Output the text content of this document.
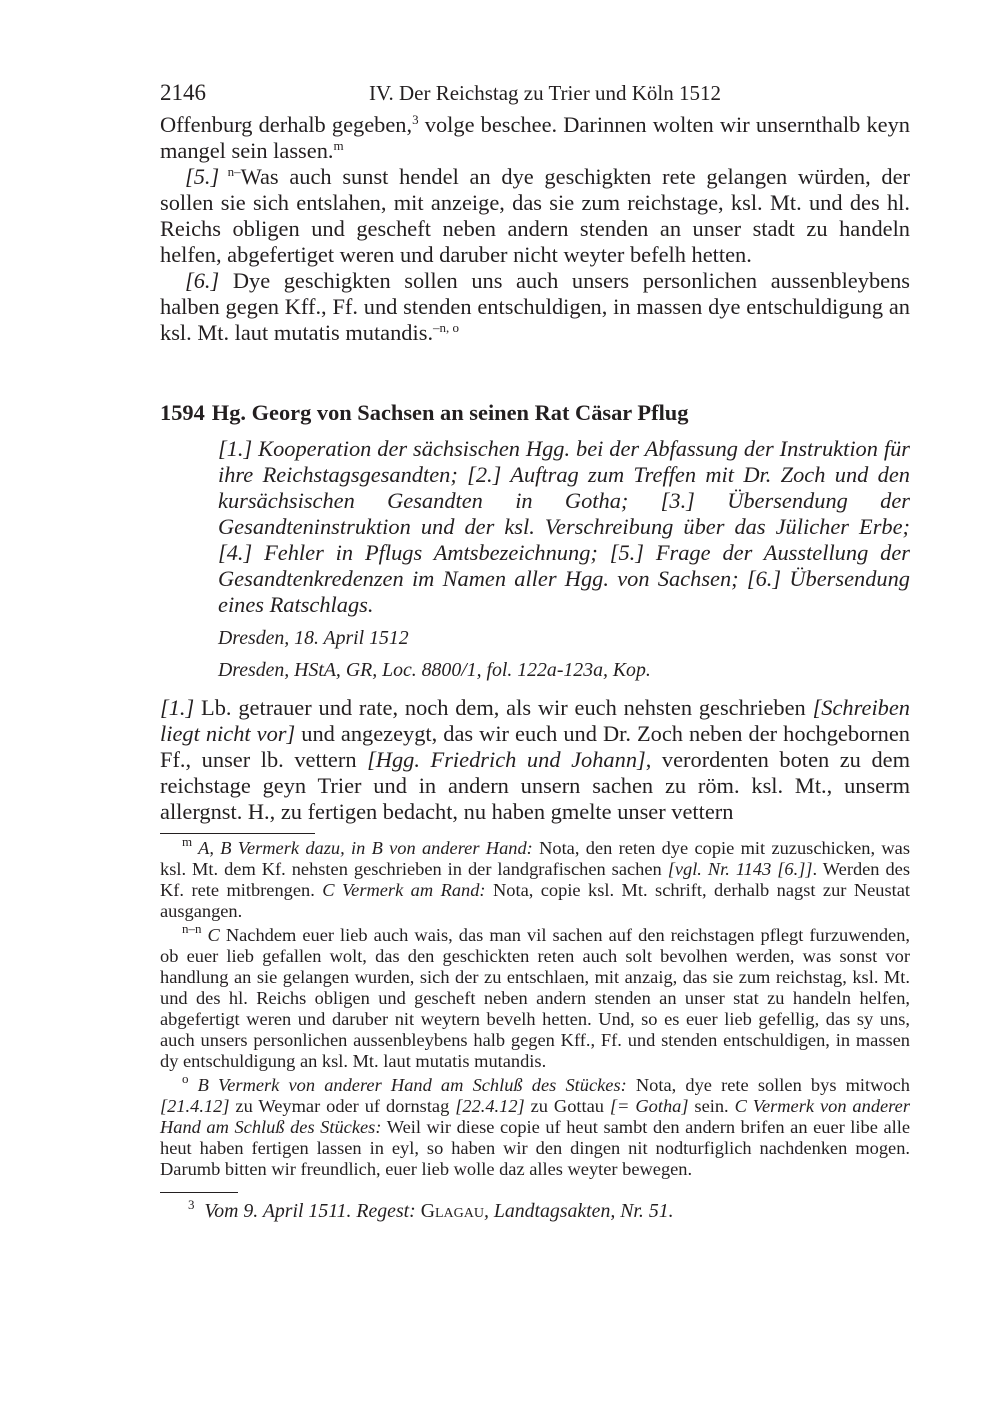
2146	IV. Der Reichstag zu Trier und Köln 1512

Offenburg derhalb gegeben,$^3$ volge beschee. Darinnen wolten wir unsernthalb keyn mangel sein lassen.$^m$

[5.] $^{n-}$Was auch sunst hendel an dye geschigkten rete gelangen würden, der sollen sie sich entslahen, mit anzeige, das sie zum reichstage, ksl. Mt. und des hl. Reichs obligen und gescheft neben andern stenden an unser stadt zu handeln helfen, abgefertiget weren und daruber nicht weyter befelh hetten.

[6.] Dye geschigkten sollen uns auch unsers personlichen aussenbleybens halben gegen Kff., Ff. und stenden entschuldigen, in massen dye entschuldigung an ksl. Mt. laut mutatis mutandis.$^{-n, o}$

1594 Hg. Georg von Sachsen an seinen Rat Cäsar Pflug

[1.] Kooperation der sächsischen Hgg. bei der Abfassung der Instruktion für ihre Reichstagsgesandten; [2.] Auftrag zum Treffen mit Dr. Zoch und den kursächsischen Gesandten in Gotha; [3.] Übersendung der Gesandteninstruktion und der ksl. Verschreibung über das Jülicher Erbe; [4.] Fehler in Pflugs Amtsbezeichnung; [5.] Frage der Ausstellung der Gesandtenkredenzen im Namen aller Hgg. von Sachsen; [6.] Übersendung eines Ratschlags.

Dresden, 18. April 1512

Dresden, HStA, GR, Loc. 8800/1, fol. 122a-123a, Kop.

[1.] Lb. getrauer und rate, noch dem, als wir euch nehsten geschrieben [Schreiben liegt nicht vor] und angezeygt, das wir euch und Dr. Zoch neben der hochgebornen Ff., unser lb. vettern [Hgg. Friedrich und Johann], verordenten boten zu dem reichstage geyn Trier und in andern unsern sachen zu röm. ksl. Mt., unserm allergnst. H., zu fertigen bedacht, nu haben gmelte unser vettern

$^m$ A, B Vermerk dazu, in B von anderer Hand: Nota, den reten dye copie mit zuzuschicken, was ksl. Mt. dem Kf. nehsten geschrieben in der landgrafischen sachen [vgl. Nr. 1143 [6.]]. Werden des Kf. rete mitbrengen. C Vermerk am Rand: Nota, copie ksl. Mt. schrift, derhalb nagst zur Neustat ausgangen.

$^{n-n}$ C Nachdem euer lieb auch wais, das man vil sachen auf den reichstagen pflegt furzuwenden, ob euer lieb gefallen wolt, das den geschickten reten auch solt bevolhen werden, was sonst vor handlung an sie gelangen wurden, sich der zu entschlaen, mit anzaig, das sie zum reichstag, ksl. Mt. und des hl. Reichs obligen und gescheft neben andern stenden an unser stat zu handeln helfen, abgefertigt weren und daruber nit weytern bevelh hetten. Und, so es euer lieb gefellig, das sy uns, auch unsers personlichen aussenbleybens halb gegen Kff., Ff. und stenden entschuldigen, in massen dy entschuldigung an ksl. Mt. laut mutatis mutandis.

$^o$ B Vermerk von anderer Hand am Schluß des Stückes: Nota, dye rete sollen bys mitwoch [21.4.12] zu Weymar oder uf dornstag [22.4.12] zu Gottau [= Gotha] sein. C Vermerk von anderer Hand am Schluß des Stückes: Weil wir diese copie uf heut sambt den andern brifen an euer libe alle heut haben fertigen lassen in eyl, so haben wir den dingen nit nodturfiglich nachdenken mogen. Darumb bitten wir freundlich, euer lieb wolle daz alles weyter bewegen.

$^3$ Vom 9. April 1511. Regest: Glagau, Landtagsakten, Nr. 51.
